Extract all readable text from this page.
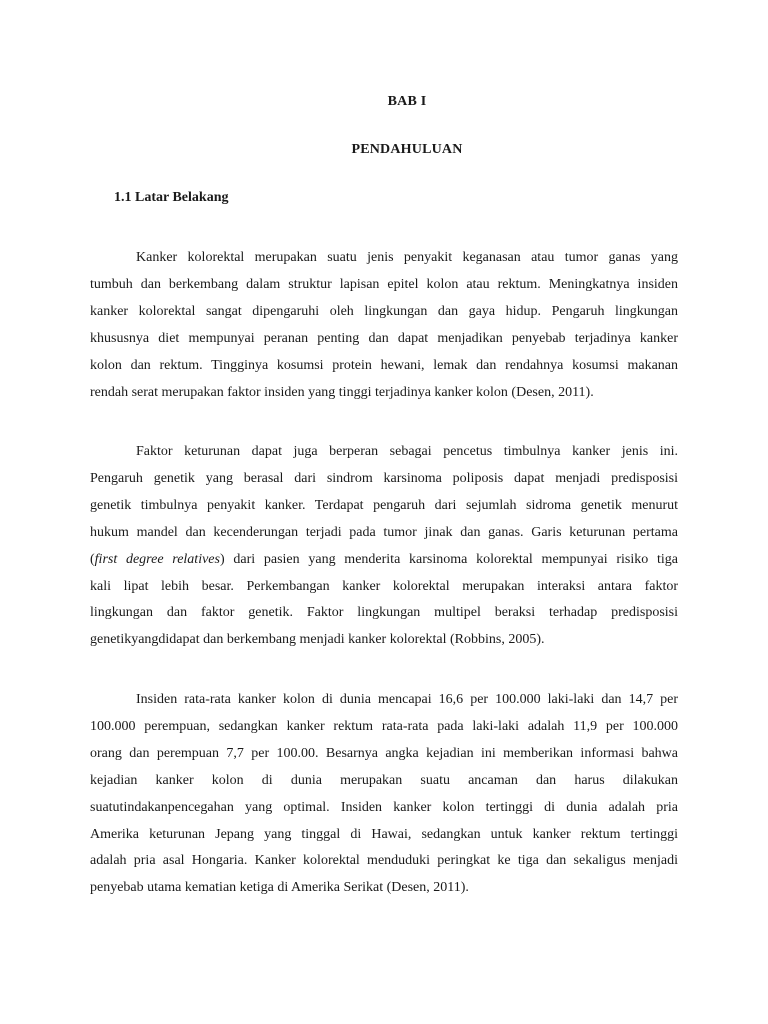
BAB I
PENDAHULUAN
1.1 Latar Belakang
Kanker kolorektal merupakan suatu jenis penyakit keganasan atau tumor ganas yang
tumbuh dan berkembang dalam struktur lapisan epitel kolon atau rektum. Meningkatnya insiden
kanker kolorektal sangat dipengaruhi oleh lingkungan dan gaya hidup. Pengaruh lingkungan
khususnya diet mempunyai peranan penting dan dapat menjadikan penyebab terjadinya kanker
kolon dan rektum. Tingginya kosumsi protein hewani, lemak dan rendahnya kosumsi makanan
rendah serat merupakan faktor insiden yang tinggi terjadinya kanker kolon (Desen, 2011).
Faktor keturunan dapat juga berperan sebagai pencetus timbulnya kanker jenis ini.
Pengaruh genetik yang berasal dari sindrom karsinoma poliposis dapat menjadi predisposisi
genetik timbulnya penyakit kanker. Terdapat pengaruh dari sejumlah sidroma genetik menurut
hukum mandel dan kecenderungan terjadi pada tumor jinak dan ganas. Garis keturunan pertama
(first degree relatives) dari pasien yang menderita karsinoma kolorektal mempunyai risiko tiga
kali lipat lebih besar. Perkembangan kanker kolorektal merupakan interaksi antara faktor
lingkungan dan faktor genetik. Faktor lingkungan multipel beraksi terhadap predisposisi
genetikyangdidapat dan berkembang menjadi kanker kolorektal (Robbins, 2005).
Insiden rata-rata kanker kolon di dunia mencapai 16,6 per 100.000 laki-laki dan 14,7 per
100.000 perempuan, sedangkan kanker rektum rata-rata pada laki-laki adalah 11,9 per 100.000
orang dan perempuan 7,7 per 100.00. Besarnya angka kejadian ini memberikan informasi bahwa
kejadian kanker kolon di dunia merupakan suatu ancaman dan harus dilakukan
suatutindakanpencegahan yang optimal. Insiden kanker kolon tertinggi di dunia adalah pria
Amerika keturunan Jepang yang tinggal di Hawai, sedangkan untuk kanker rektum tertinggi
adalah pria asal Hongaria. Kanker kolorektal menduduki peringkat ke tiga dan sekaligus menjadi
penyebab utama kematian ketiga di Amerika Serikat (Desen, 2011).
